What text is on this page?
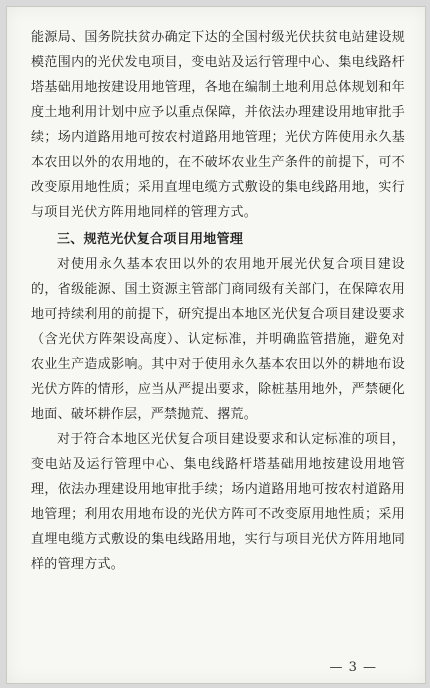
能源局、国务院扶贫办确定下达的全国村级光伏扶贫电站建设规模范围内的光伏发电项目，变电站及运行管理中心、集电线路杆塔基础用地按建设用地管理，各地在编制土地利用总体规划和年度土地利用计划中应予以重点保障，并依法办理建设用地审批手续；场内道路用地可按农村道路用地管理；光伏方阵使用永久基本农田以外的农用地的，在不破坏农业生产条件的前提下，可不改变原用地性质；采用直埋电缆方式敷设的集电线路用地，实行与项目光伏方阵用地同样的管理方式。

三、规范光伏复合项目用地管理

对使用永久基本农田以外的农用地开展光伏复合项目建设的，省级能源、国土资源主管部门商同级有关部门，在保障农用地可持续利用的前提下，研究提出本地区光伏复合项目建设要求（含光伏方阵架设高度）、认定标准，并明确监管措施，避免对农业生产造成影响。其中对于使用永久基本农田以外的耕地布设光伏方阵的情形，应当从严提出要求，除桩基用地外，严禁硬化地面、破坏耕作层，严禁抛荒、撂荒。

对于符合本地区光伏复合项目建设要求和认定标准的项目，变电站及运行管理中心、集电线路杆塔基础用地按建设用地管理，依法办理建设用地审批手续；场内道路用地可按农村道路用地管理；利用农用地布设的光伏方阵可不改变原用地性质；采用直埋电缆方式敷设的集电线路用地，实行与项目光伏方阵用地同样的管理方式。

— 3 —
